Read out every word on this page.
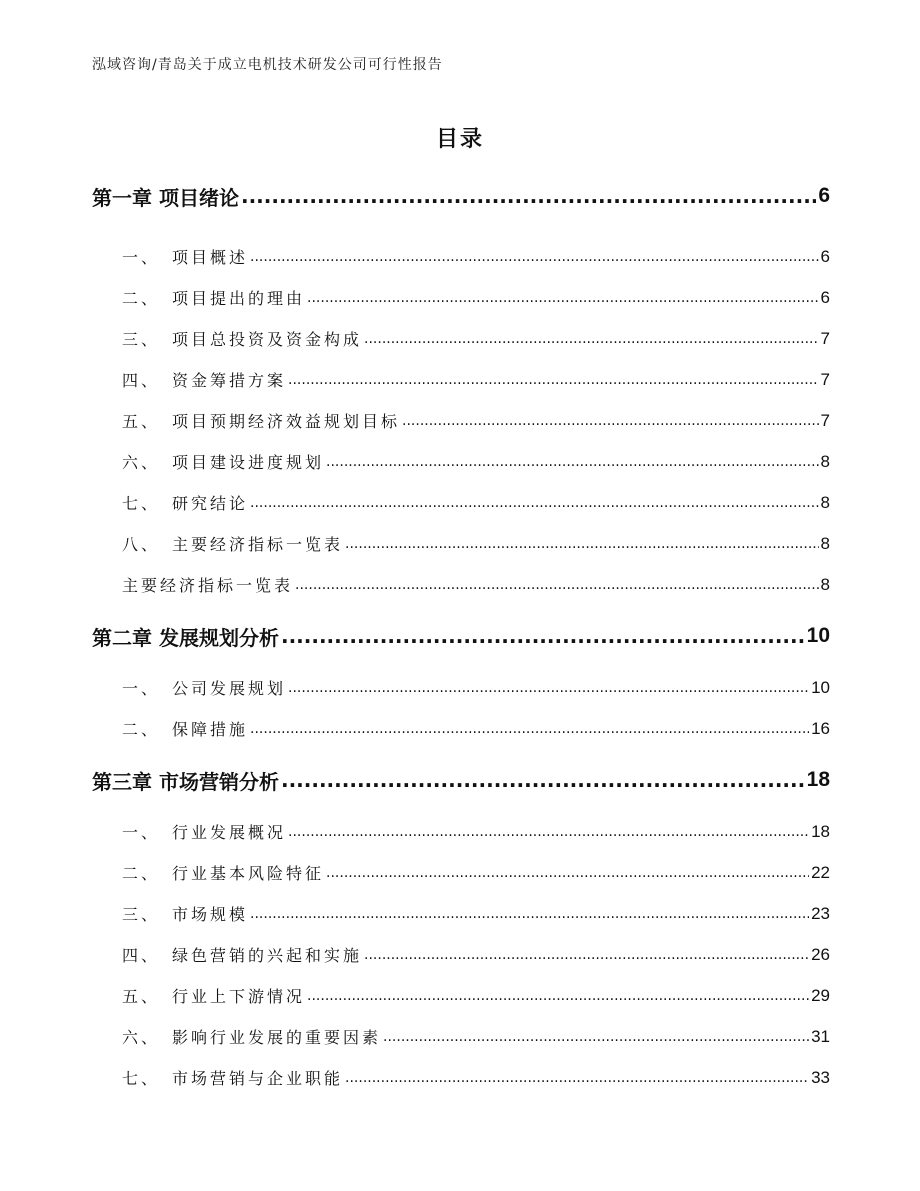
泓域咨询/青岛关于成立电机技术研发公司可行性报告
目录
第一章 项目绪论 .....	6
一、 项目概述 .....	6
二、 项目提出的理由 .....	6
三、 项目总投资及资金构成 .....	7
四、 资金筹措方案 .....	7
五、 项目预期经济效益规划目标 .....	7
六、 项目建设进度规划 .....	8
七、 研究结论 .....	8
八、 主要经济指标一览表 .....	8
主要经济指标一览表 .....	8
第二章 发展规划分析 .....	10
一、 公司发展规划 .....	10
二、 保障措施 .....	16
第三章 市场营销分析 .....	18
一、 行业发展概况 .....	18
二、 行业基本风险特征 .....	22
三、 市场规模 .....	23
四、 绿色营销的兴起和实施 .....	26
五、 行业上下游情况 .....	29
六、 影响行业发展的重要因素 .....	31
七、 市场营销与企业职能 .....	33
